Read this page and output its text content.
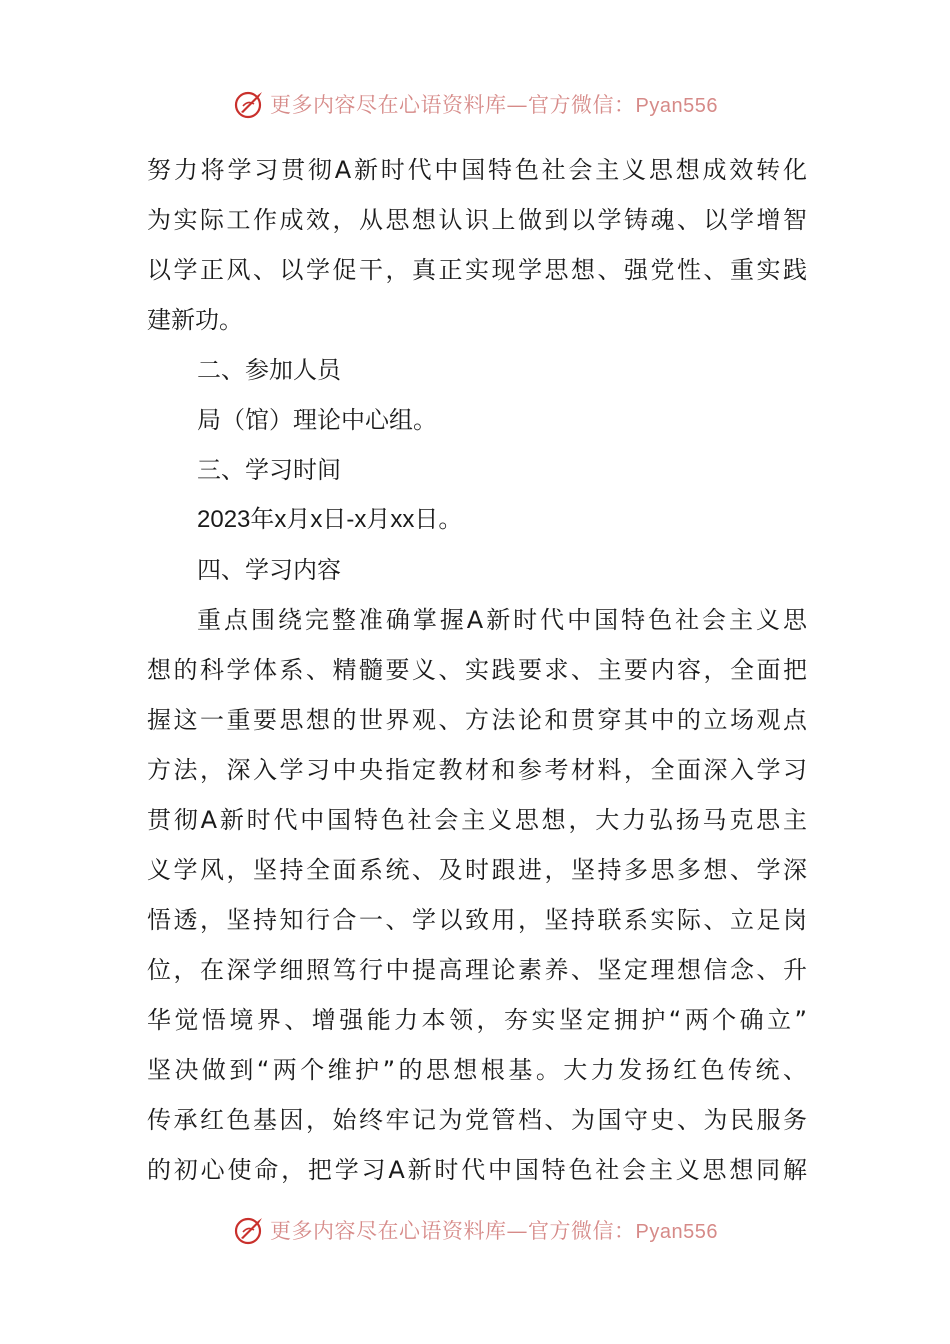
更多内容尽在心语资料库—官方微信：Pyan556
努力将学习贯彻A新时代中国特色社会主义思想成效转化
为实际工作成效，从思想认识上做到以学铸魂、以学增智
以学正风、以学促干，真正实现学思想、强党性、重实践
建新功。
二、参加人员
局（馆）理论中心组。
三、学习时间
2023年x月x日-x月xx日。
四、学习内容
重点围绕完整准确掌握A新时代中国特色社会主义思
想的科学体系、精髓要义、实践要求、主要内容，全面把
握这一重要思想的世界观、方法论和贯穿其中的立场观点
方法，深入学习中央指定教材和参考材料，全面深入学习
贯彻A新时代中国特色社会主义思想，大力弘扬马克思主
义学风，坚持全面系统、及时跟进，坚持多思多想、学深
悟透，坚持知行合一、学以致用，坚持联系实际、立足岗
位，在深学细照笃行中提高理论素养、坚定理想信念、升
华觉悟境界、增强能力本领，夯实坚定拥护“两个确立”
坚决做到“两个维护”的思想根基。大力发扬红色传统、
传承红色基因，始终牢记为党管档、为国守史、为民服务
的初心使命，把学习A新时代中国特色社会主义思想同解
更多内容尽在心语资料库—官方微信：Pyan556
